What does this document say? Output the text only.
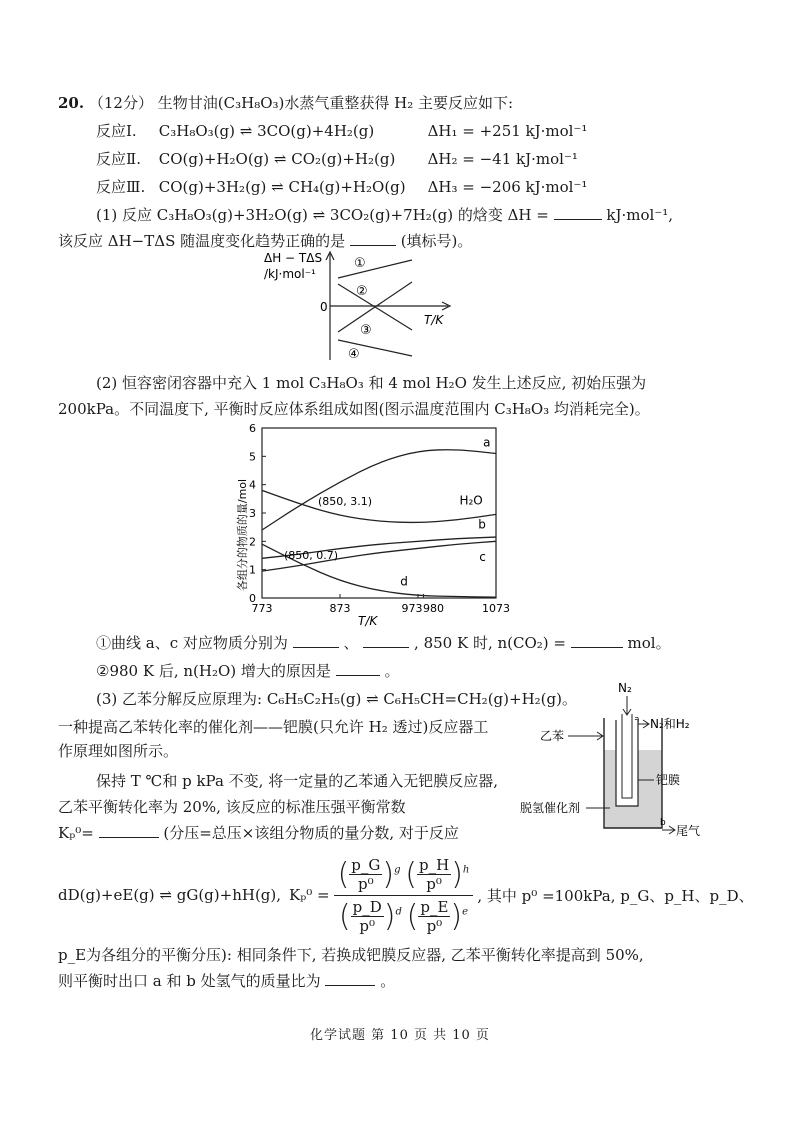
20. （12分） 生物甘油(C₃H₈O₃)水蒸气重整获得 H₂ 主要反应如下:
反应Ⅰ. C₃H₈O₃(g) ⇌ 3CO(g)+4H₂(g)	ΔH₁ = +251 kJ·mol⁻¹
反应Ⅱ. CO(g)+H₂O(g) ⇌ CO₂(g)+H₂(g) ΔH₂ = −41 kJ·mol⁻¹
反应Ⅲ. CO(g)+3H₂(g) ⇌ CH₄(g)+H₂O(g) ΔH₃ = −206 kJ·mol⁻¹
(1) 反应 C₃H₈O₃(g)+3H₂O(g) ⇌ 3CO₂(g)+7H₂(g) 的焓变 ΔH =	kJ·mol⁻¹,
该反应 ΔH−TΔS 随温度变化趋势正确的是	(填标号)。
ΔH − TΔS
/kJ·mol⁻¹
0
T/K
①
②
③
④
(2) 恒容密闭容器中充入 1 mol C₃H₈O₃ 和 4 mol H₂O 发生上述反应, 初始压强为
200kPa。不同温度下, 平衡时反应体系组成如图(图示温度范围内 C₃H₈O₃ 均消耗完全)。
各组分的物质的量/mol
a
H₂O
b
c
d
0
1
2
3
4
5
6
773	873	973 980	1073
T/K
(850, 3.1)
(850, 0.7)
①曲线 a、c 对应物质分别为	、	, 850 K 时, n(CO₂) =	mol。
②980 K 后, n(H₂O) 增大的原因是	。
(3) 乙苯分解反应原理为: C₆H₅C₂H₅(g) ⇌ C₆H₅CH=CH₂(g)+H₂(g)。
一种提高乙苯转化率的催化剂——钯膜(只允许 H₂ 透过)反应器工
作原理如图所示。
保持 T ℃和 p kPa 不变, 将一定量的乙苯通入无钯膜反应器,
乙苯平衡转化率为 20%, 该反应的标准压强平衡常数
Kₚ⁰=	(分压=总压×该组分物质的量分数, 对于反应
dD(g)+eE(g) ⇌ gG(g)+hH(g), Kₚ⁰ =
( $\frac{p\_G}{\text{p⁰}} )^g$ ( $\frac{p\_H}{\text{p⁰}} )^h$
( $\frac{p\_D}{\text{p⁰}} )^d$ ( $\frac{p\_E}{\text{p⁰}} )^e$
, 其中 p⁰ =100kPa, p_G、p_H、p_D、
p_E为各组分的平衡分压): 相同条件下, 若换成钯膜反应器, 乙苯平衡转化率提高到 50%,
则平衡时出口 a 和 b 处氢气的质量比为	。
N₂
N₂和H₂
乙苯
钯膜
脱氢催化剂
b
尾气
化学试题 第 10 页 共 10 页
